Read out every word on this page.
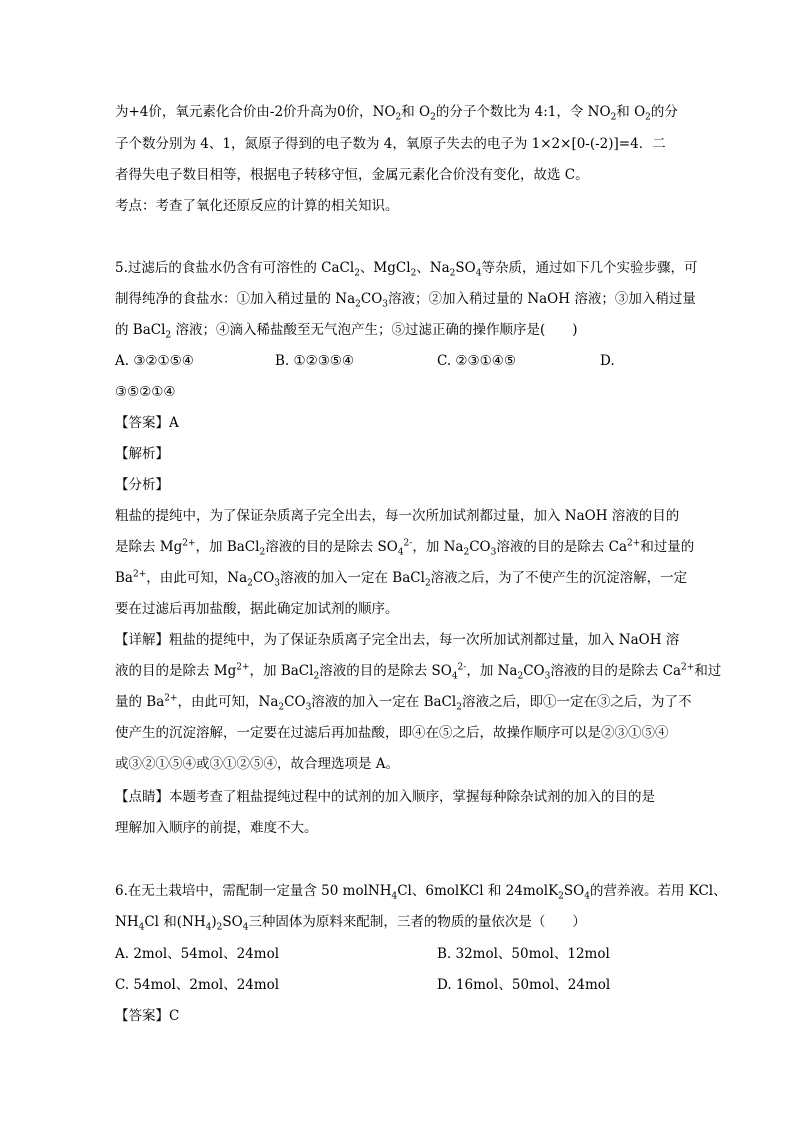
为+4价，氧元素化合价由-2价升高为0价，$NO_2$和 $O_2$的分子个数比为 4:1，令 $NO_2$和 $O_2$的分
子个数分别为 4、1，氮原子得到的电子数为 4，氧原子失去的电子为 1×2×[0-(-2)]=4．二
者得失电子数目相等，根据电子转移守恒，金属元素化合价没有变化，故选 C。
考点：考查了氧化还原反应的计算的相关知识。
5.过滤后的食盐水仍含有可溶性的 CaCl$_2$、MgCl$_2$、$Na_2SO_4$等杂质，通过如下几个实验步骤，可
制得纯净的食盐水：①加入稍过量的 $Na_2CO_3$溶液；②加入稍过量的 NaOH 溶液；③加入稍过量
的 BaCl$_2$ 溶液；④滴入稀盐酸至无气泡产生；⑤过滤正确的操作顺序是(　　)
A. ③②①⑤④	B. ①②③⑤④	C. ②③①④⑤	D.
③⑤②①④
【答案】A
【解析】
【分析】
粗盐的提纯中，为了保证杂质离子完全出去，每一次所加试剂都过量，加入 NaOH 溶液的目的
是除去 $Mg^{2+}$，加 BaCl$_2$溶液的目的是除去 $SO_4^{2-}$，加 $Na_2CO_3$溶液的目的是除去 $Ca^{2+}$和过量的
$Ba^{2+}$，由此可知，$Na_2CO_3$溶液的加入一定在 BaCl$_2$溶液之后，为了不使产生的沉淀溶解，一定
要在过滤后再加盐酸，据此确定加试剂的顺序。
【详解】粗盐的提纯中，为了保证杂质离子完全出去，每一次所加试剂都过量，加入 NaOH 溶
液的目的是除去 $Mg^{2+}$，加 BaCl$_2$溶液的目的是除去 $SO_4^{2-}$，加 $Na_2CO_3$溶液的目的是除去 $Ca^{2+}$和过
量的 $Ba^{2+}$，由此可知，$Na_2CO_3$溶液的加入一定在 BaCl$_2$溶液之后，即①一定在③之后，为了不
使产生的沉淀溶解，一定要在过滤后再加盐酸，即④在⑤之后，故操作顺序可以是②③①⑤④
或③②①⑤④或③①②⑤④，故合理选项是 A。
【点睛】本题考查了粗盐提纯过程中的试剂的加入顺序，掌握每种除杂试剂的加入的目的是
理解加入顺序的前提，难度不大。
6.在无土栽培中，需配制一定量含 50 molNH$_4$Cl、6molKCl 和 $24molK_2SO_4$的营养液。若用 KCl、
$NH_4Cl$ 和$(NH_4)_2SO_4$三种固体为原料来配制，三者的物质的量依次是（　　）
A. 2mol、54mol、24mol	B. 32mol、50mol、12mol
C. 54mol、2mol、24mol	D. 16mol、50mol、24mol
【答案】C
